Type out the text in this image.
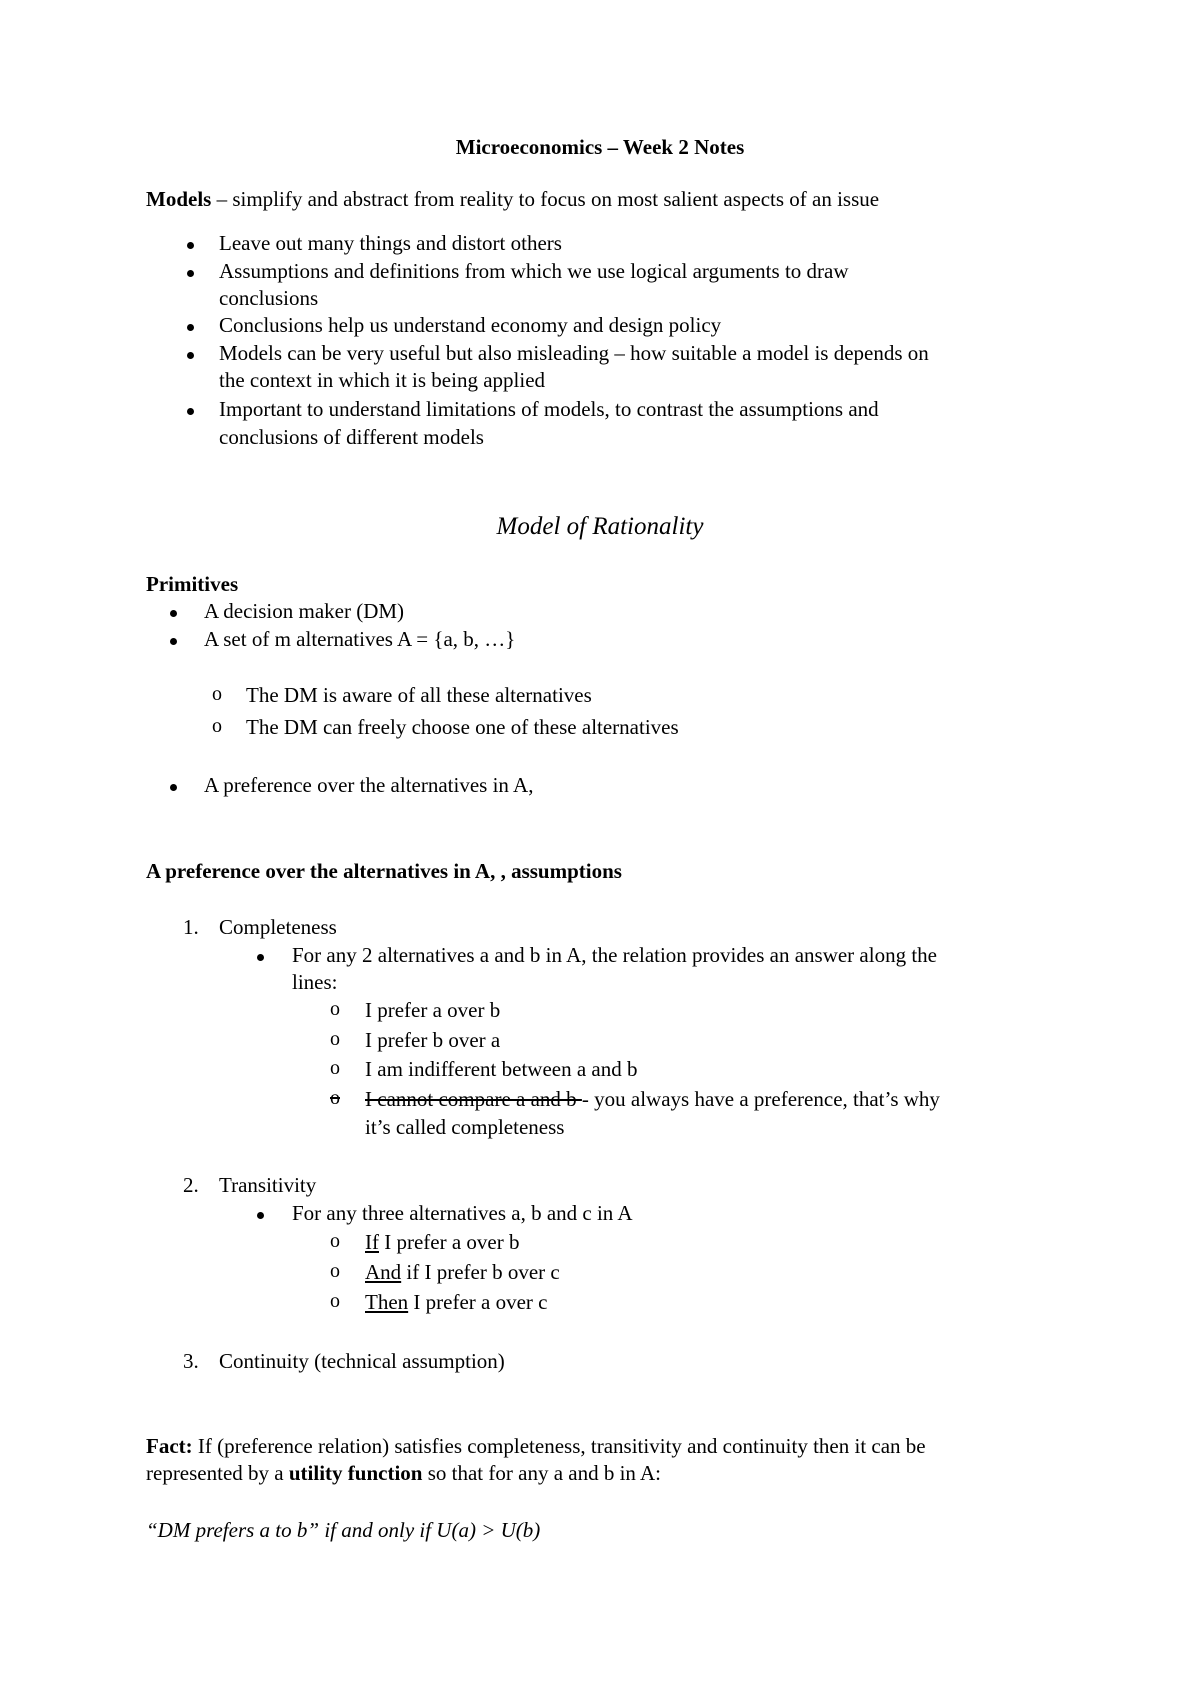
Microeconomics – Week 2 Notes
Models – simplify and abstract from reality to focus on most salient aspects of an issue
Leave out many things and distort others
Assumptions and definitions from which we use logical arguments to draw
conclusions
Conclusions help us understand economy and design policy
Models can be very useful but also misleading – how suitable a model is depends on
the context in which it is being applied
Important to understand limitations of models, to contrast the assumptions and
conclusions of different models
Model of Rationality
Primitives
A decision maker (DM)
A set of m alternatives A = {a, b, …}
o The DM is aware of all these alternatives
o The DM can freely choose one of these alternatives
A preference over the alternatives in A,
A preference over the alternatives in A, , assumptions
1. Completeness
For any 2 alternatives a and b in A, the relation provides an answer along the
lines:
o I prefer a over b
o I prefer b over a
o I am indifferent between a and b
o	I cannot compare a and b - you always have a preference, that’s why
it’s called completeness
2. Transitivity
For any three alternatives a, b and c in A
o If I prefer a over b
o And if I prefer b over c
o Then I prefer a over c
3. Continuity (technical assumption)
Fact: If (preference relation) satisfies completeness, transitivity and continuity then it can be
represented by a utility function so that for any a and b in A:
“DM prefers a to b” if and only if U(a) > U(b)
